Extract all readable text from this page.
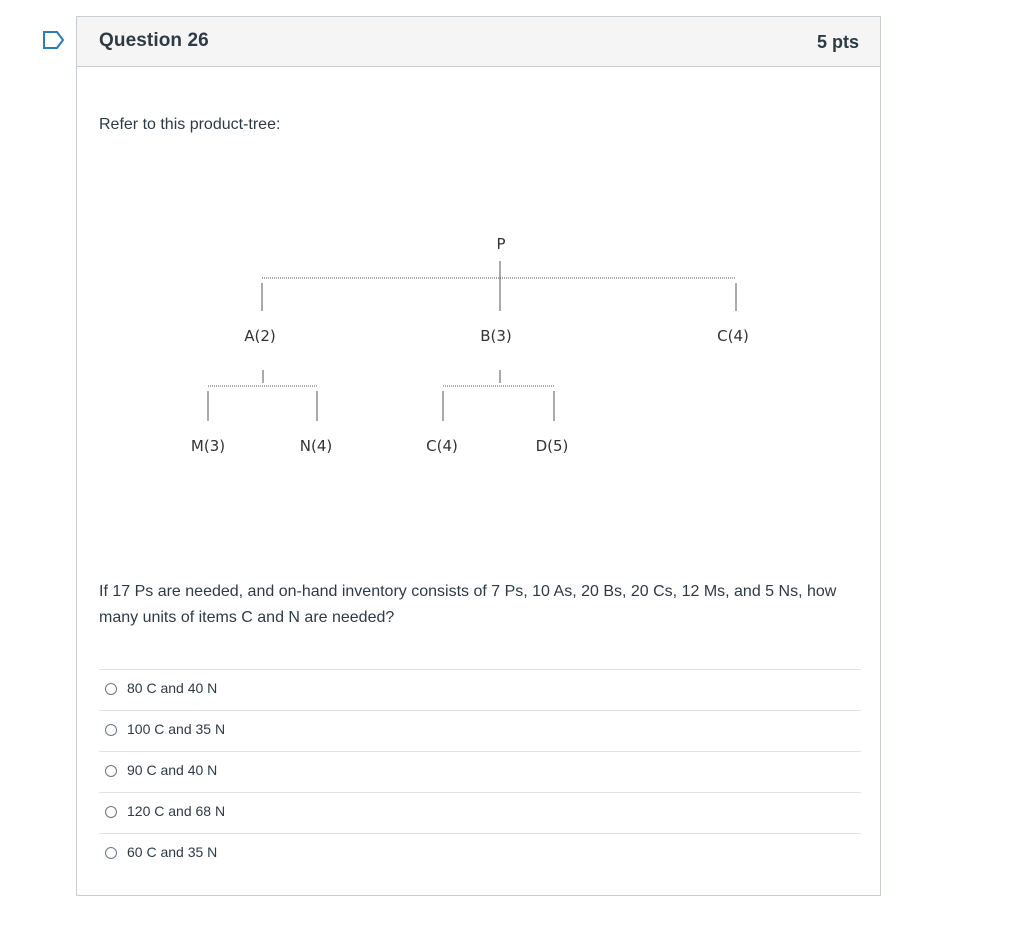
Question 26	5 pts
Refer to this product-tree:
P
A(2)	B(3)	C(4)
M(3)	N(4)	C(4)	D(5)
If 17 Ps are needed, and on-hand inventory consists of 7 Ps, 10 As, 20 Bs, 20 Cs, 12 Ms, and 5 Ns, how many units of items C and N are needed?
80 C and 40 N
100 C and 35 N
90 C and 40 N
120 C and 68 N
60 C and 35 N
